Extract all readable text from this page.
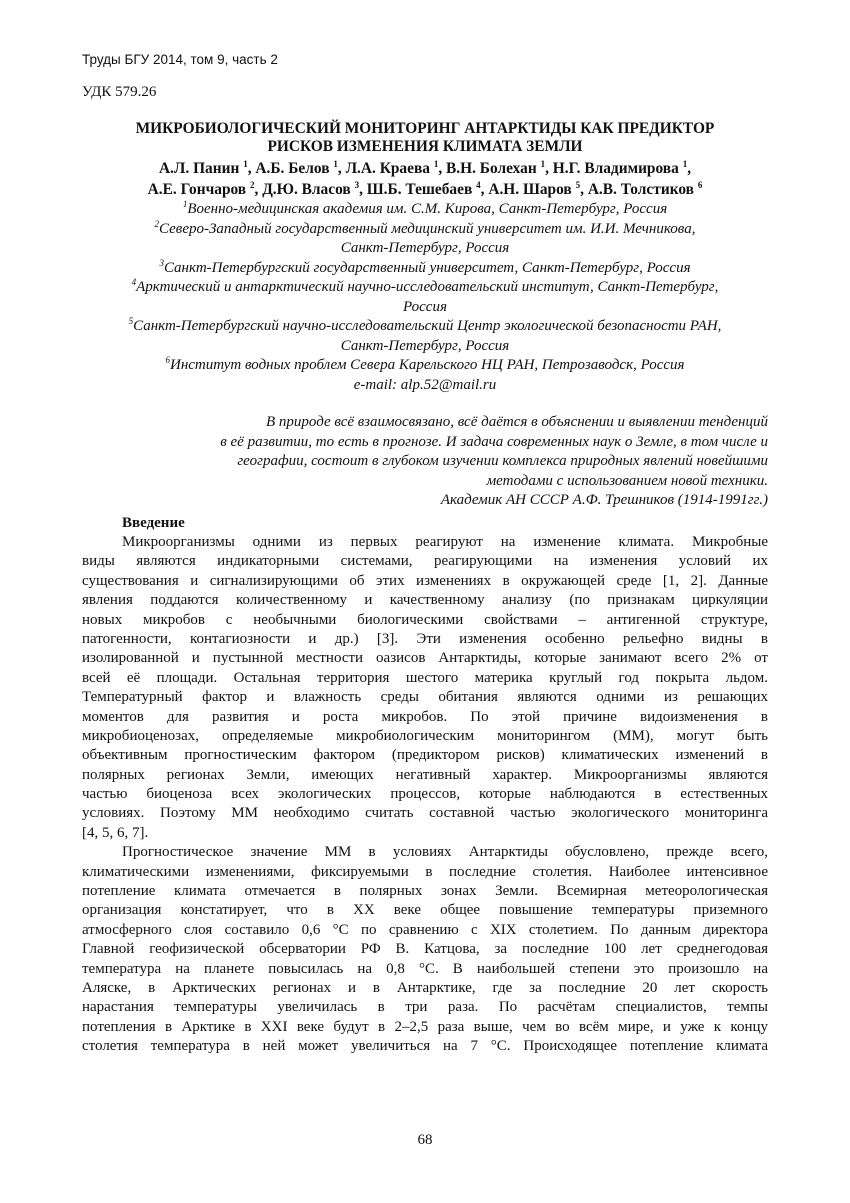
Труды БГУ 2014, том 9, часть 2
УДК 579.26
МИКРОБИОЛОГИЧЕСКИЙ МОНИТОРИНГ АНТАРКТИДЫ КАК ПРЕДИКТОР
РИСКОВ ИЗМЕНЕНИЯ КЛИМАТА ЗЕМЛИ
А.Л. Панин $^1$, А.Б. Белов $^1$, Л.А. Краева $^1$, В.Н. Болехан $^1$, Н.Г. Владимирова $^1$,
А.Е. Гончаров $^2$, Д.Ю. Власов $^3$, Ш.Б. Тешебаев $^4$, А.Н. Шаров $^5$, А.В. Толстиков $^6$
$^1$Военно-медицинская академия им. С.М. Кирова, Санкт-Петербург, Россия
$^2$Северо-Западный государственный медицинский университет им. И.И. Мечникова,
Санкт-Петербург, Россия
$^3$Санкт-Петербургский государственный университет, Санкт-Петербург, Россия
$^4$Арктический и антарктический научно-исследовательский институт, Санкт-Петербург,
Россия
$^5$Санкт-Петербургский научно-исследовательский Центр экологической безопасности РАН,
Санкт-Петербург, Россия
$^6$Институт водных проблем Севера Карельского НЦ РАН, Петрозаводск, Россия
e-mail: alp.52@mail.ru
В природе всё взаимосвязано, всё даётся в объяснении и выявлении тенденций
в её развитии, то есть в прогнозе. И задача современных наук о Земле, в том числе и
географии, состоит в глубоком изучении комплекса природных явлений новейшими
методами с использованием новой техники.
Академик АН СССР А.Ф. Трешников (1914-1991гг.)
Введение
Микроорганизмы одними из первых реагируют на изменение климата. Микробные
виды являются индикаторными системами, реагирующими на изменения условий их
существования и сигнализирующими об этих изменениях в окружающей среде [1, 2]. Данные
явления поддаются количественному и качественному анализу (по признакам циркуляции
новых микробов с необычными биологическими свойствами – антигенной структуре,
патогенности, контагиозности и др.) [3]. Эти изменения особенно рельефно видны в
изолированной и пустынной местности оазисов Антарктиды, которые занимают всего 2% от
всей её площади. Остальная территория шестого материка круглый год покрыта льдом.
Температурный фактор и влажность среды обитания являются одними из решающих
моментов для развития и роста микробов. По этой причине видоизменения в
микробиоценозах, определяемые микробиологическим мониторингом (ММ), могут быть
объективным прогностическим фактором (предиктором рисков) климатических изменений в
полярных регионах Земли, имеющих негативный характер. Микроорганизмы являются
частью биоценоза всех экологических процессов, которые наблюдаются в естественных
условиях. Поэтому ММ необходимо считать составной частью экологического мониторинга
[4, 5, 6, 7].
Прогностическое значение ММ в условиях Антарктиды обусловлено, прежде всего,
климатическими изменениями, фиксируемыми в последние столетия. Наиболее интенсивное
потепление климата отмечается в полярных зонах Земли. Всемирная метеорологическая
организация констатирует, что в XX веке общее повышение температуры приземного
атмосферного слоя составило 0,6 °С по сравнению с XIX столетием. По данным директора
Главной геофизической обсерватории РФ В. Катцова, за последние 100 лет среднегодовая
температура на планете повысилась на 0,8 °С. В наибольшей степени это произошло на
Аляске, в Арктических регионах и в Антарктике, где за последние 20 лет скорость
нарастания температуры увеличилась в три раза. По расчётам специалистов, темпы
потепления в Арктике в XXI веке будут в 2–2,5 раза выше, чем во всём мире, и уже к концу
столетия температура в ней может увеличиться на 7 °С. Происходящее потепление климата
68
